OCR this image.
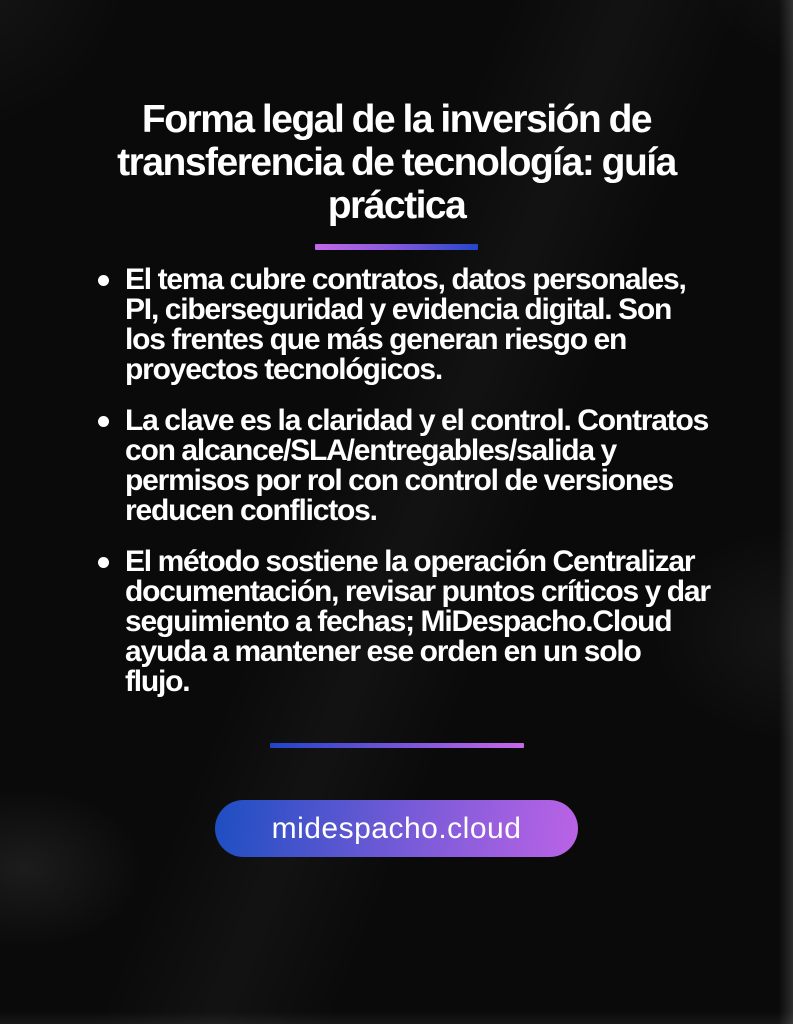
Forma legal de la inversión de transferencia de tecnología: guía práctica
El tema cubre contratos, datos personales, PI, ciberseguridad y evidencia digital. Son los frentes que más generan riesgo en proyectos tecnológicos.
La clave es la claridad y el control. Contratos con alcance/SLA/entregables/salida y permisos por rol con control de versiones reducen conflictos.
El método sostiene la operación Centralizar documentación, revisar puntos críticos y dar seguimiento a fechas; MiDespacho.Cloud ayuda a mantener ese orden en un solo flujo.
midespacho.cloud
